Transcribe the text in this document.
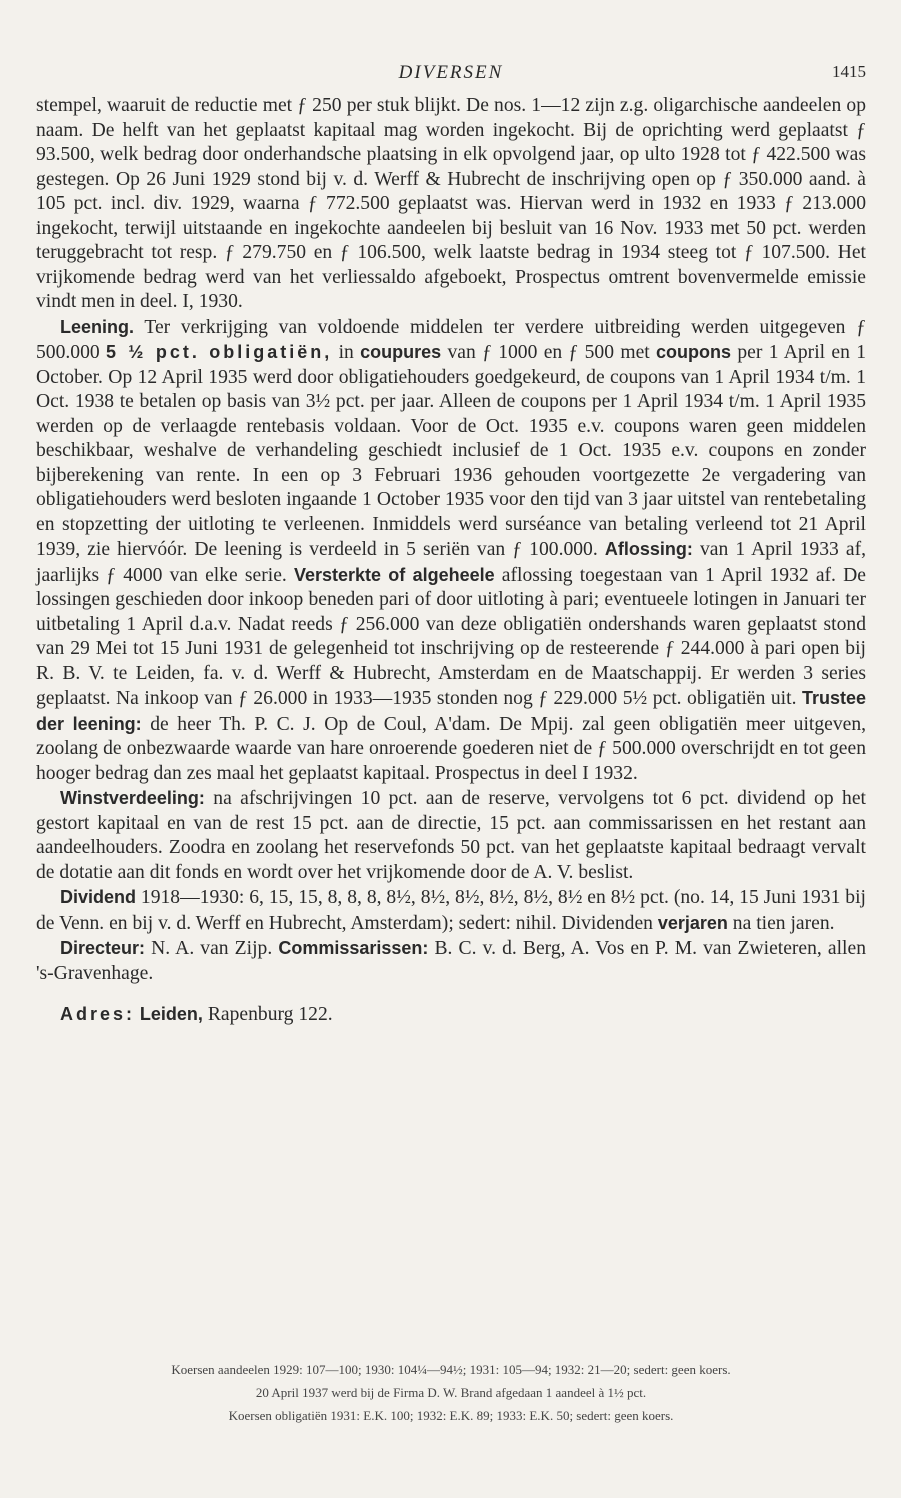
DIVERSEN	1415

stempel, waaruit de reductie met ƒ 250 per stuk blijkt. De nos. 1—12 zijn z.g. oligarchische aandeelen op naam. De helft van het geplaatst kapitaal mag worden ingekocht. Bij de oprichting werd geplaatst ƒ 93.500, welk bedrag door onderhandsche plaatsing in elk opvolgend jaar, op ulto 1928 tot ƒ 422.500 was gestegen. Op 26 Juni 1929 stond bij v. d. Werff & Hubrecht de inschrijving open op ƒ 350.000 aand. à 105 pct. incl. div. 1929, waarna ƒ 772.500 geplaatst was. Hiervan werd in 1932 en 1933 ƒ 213.000 ingekocht, terwijl uitstaande en ingekochte aandeelen bij besluit van 16 Nov. 1933 met 50 pct. werden teruggebracht tot resp. ƒ 279.750 en ƒ 106.500, welk laatste bedrag in 1934 steeg tot ƒ 107.500. Het vrijkomende bedrag werd van het verliessaldo afgeboekt, Prospectus omtrent bovenvermelde emissie vindt men in deel. I, 1930.

Leening. Ter verkrijging van voldoende middelen ter verdere uitbreiding werden uitgegeven ƒ 500.000 5 ½ pct. obligatiën, in coupures van ƒ 1000 en ƒ 500 met coupons per 1 April en 1 October. Op 12 April 1935 werd door obligatiehouders goedgekeurd, de coupons van 1 April 1934 t/m. 1 Oct. 1938 te betalen op basis van 3½ pct. per jaar. Alleen de coupons per 1 April 1934 t/m. 1 April 1935 werden op de verlaagde rentebasis voldaan. Voor de Oct. 1935 e.v. coupons waren geen middelen beschikbaar, weshalve de verhandeling geschiedt inclusief de 1 Oct. 1935 e.v. coupons en zonder bijberekening van rente. In een op 3 Februari 1936 gehouden voortgezette 2e vergadering van obligatiehouders werd besloten ingaande 1 October 1935 voor den tijd van 3 jaar uitstel van rentebetaling en stopzetting der uitloting te verleenen. Inmiddels werd surséance van betaling verleend tot 21 April 1939, zie hiervóór. De leening is verdeeld in 5 seriën van ƒ 100.000. Aflossing: van 1 April 1933 af, jaarlijks ƒ 4000 van elke serie. Versterkte of algeheele aflossing toegestaan van 1 April 1932 af. De lossingen geschieden door inkoop beneden pari of door uitloting à pari; eventueele lotingen in Januari ter uitbetaling 1 April d.a.v. Nadat reeds ƒ 256.000 van deze obligatiën ondershands waren geplaatst stond van 29 Mei tot 15 Juni 1931 de gelegenheid tot inschrijving op de resteerende ƒ 244.000 à pari open bij R. B. V. te Leiden, fa. v. d. Werff & Hubrecht, Amsterdam en de Maatschappij. Er werden 3 series geplaatst. Na inkoop van ƒ 26.000 in 1933—1935 stonden nog ƒ 229.000 5½ pct. obligatiën uit. Trustee der leening: de heer Th. P. C. J. Op de Coul, A'dam. De Mpij. zal geen obligatiën meer uitgeven, zoolang de onbezwaarde waarde van hare onroerende goederen niet de ƒ 500.000 overschrijdt en tot geen hooger bedrag dan zes maal het geplaatst kapitaal. Prospectus in deel I 1932.

Winstverdeeling: na afschrijvingen 10 pct. aan de reserve, vervolgens tot 6 pct. dividend op het gestort kapitaal en van de rest 15 pct. aan de directie, 15 pct. aan commissarissen en het restant aan aandeelhouders. Zoodra en zoolang het reservefonds 50 pct. van het geplaatste kapitaal bedraagt vervalt de dotatie aan dit fonds en wordt over het vrijkomende door de A. V. beslist.

Dividend 1918—1930: 6, 15, 15, 8, 8, 8, 8½, 8½, 8½, 8½, 8½, 8½ en 8½ pct. (no. 14, 15 Juni 1931 bij de Venn. en bij v. d. Werff en Hubrecht, Amsterdam); sedert: nihil. Dividenden verjaren na tien jaren.

Directeur: N. A. van Zijp. Commissarissen: B. C. v. d. Berg, A. Vos en P. M. van Zwieteren, allen 's-Gravenhage.

Adres: Leiden, Rapenburg 122.

Koersen aandeelen 1929: 107—100; 1930: 104¼—94½; 1931: 105—94; 1932: 21—20; sedert: geen koers.
20 April 1937 werd bij de Firma D. W. Brand afgedaan 1 aandeel à 1½ pct.
Koersen obligatiën 1931: E.K. 100; 1932: E.K. 89; 1933: E.K. 50; sedert: geen koers.
